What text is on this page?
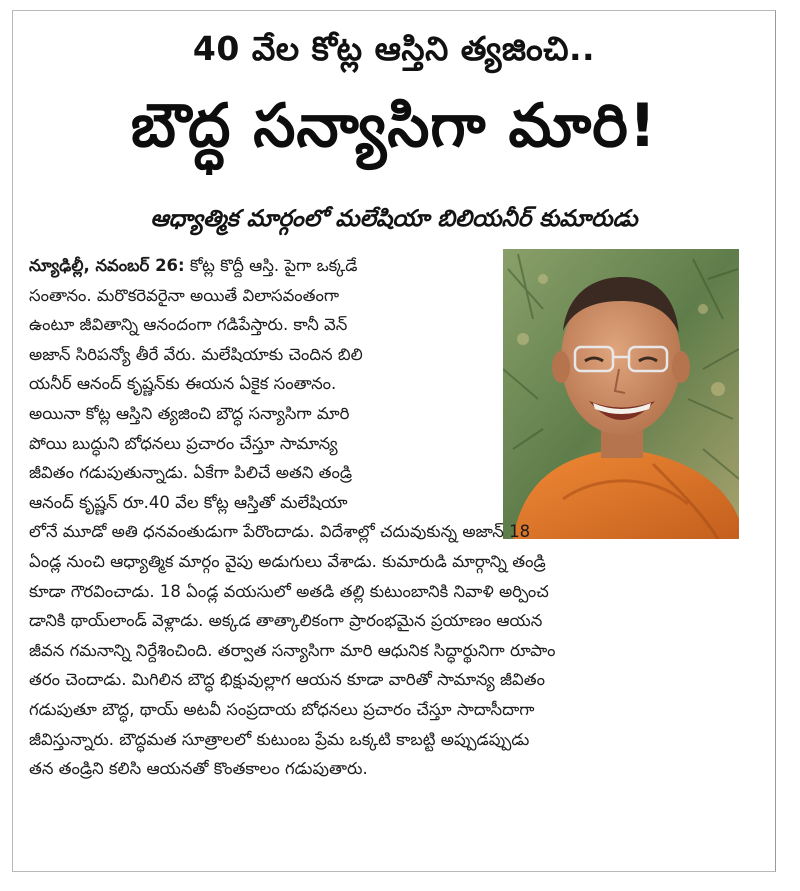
40 వేల కోట్ల ఆస్తిని త్యజించి..
బౌద్ధ సన్యాసిగా మారి!
ఆధ్యాత్మిక మార్గంలో మలేషియా బిలియనీర్ కుమారుడు
న్యూఢిల్లీ, నవంబర్ 26: కోట్ల కొద్దీ ఆస్తి. పైగా ఒక్కడే
సంతానం. మరొకరెవరైనా అయితే విలాసవంతంగా
ఉంటూ జీవితాన్ని ఆనందంగా గడిపేస్తారు. కానీ వెన్
అజాన్ సిరిపన్యో తీరే వేరు. మలేషియాకు చెందిన బిలి
యనీర్ ఆనంద్ కృష్ణన్‌కు ఈయన ఏకైక సంతానం.
అయినా కోట్ల ఆస్తిని త్యజించి బౌద్ధ సన్యాసిగా మారి
పోయి బుద్ధుని బోధనలు ప్రచారం చేస్తూ సామాన్య
జీవితం గడుపుతున్నాడు. ఏకేగా పిలిచే అతని తండ్రి
ఆనంద్ కృష్ణన్ రూ.40 వేల కోట్ల ఆస్తితో మలేషియా
లోనే మూడో అతి ధనవంతుడుగా పేరొందాడు. విదేశాల్లో చదువుకున్న అజాన్ 18
ఏండ్ల నుంచి ఆధ్యాత్మిక మార్గం వైపు అడుగులు వేశాడు. కుమారుడి మార్గాన్ని తండ్రి
కూడా గౌరవించాడు. 18 ఏండ్ల వయసులో అతడి తల్లి కుటుంబానికి నివాళి అర్పించ
డానికి థాయ్‌లాండ్ వెళ్లాడు. అక్కడ తాత్కాలికంగా ప్రారంభమైన ప్రయాణం ఆయన
జీవన గమనాన్ని నిర్దేశించింది. తర్వాత సన్యాసిగా మారి ఆధునిక సిద్ధార్థునిగా రూపాం
తరం చెందాడు. మిగిలిన బౌద్ధ భిక్షువుల్లాగ ఆయన కూడా వారితో సామాన్య జీవితం
గడుపుతూ బౌద్ధ, థాయ్ అటవీ సంప్రదాయ బోధనలు ప్రచారం చేస్తూ సాదాసీదాగా
జీవిస్తున్నారు. బౌద్ధమత సూత్రాలలో కుటుంబ ప్రేమ ఒక్కటి కాబట్టి అప్పుడప్పుడు
తన తండ్రిని కలిసి ఆయనతో కొంతకాలం గడుపుతారు.
